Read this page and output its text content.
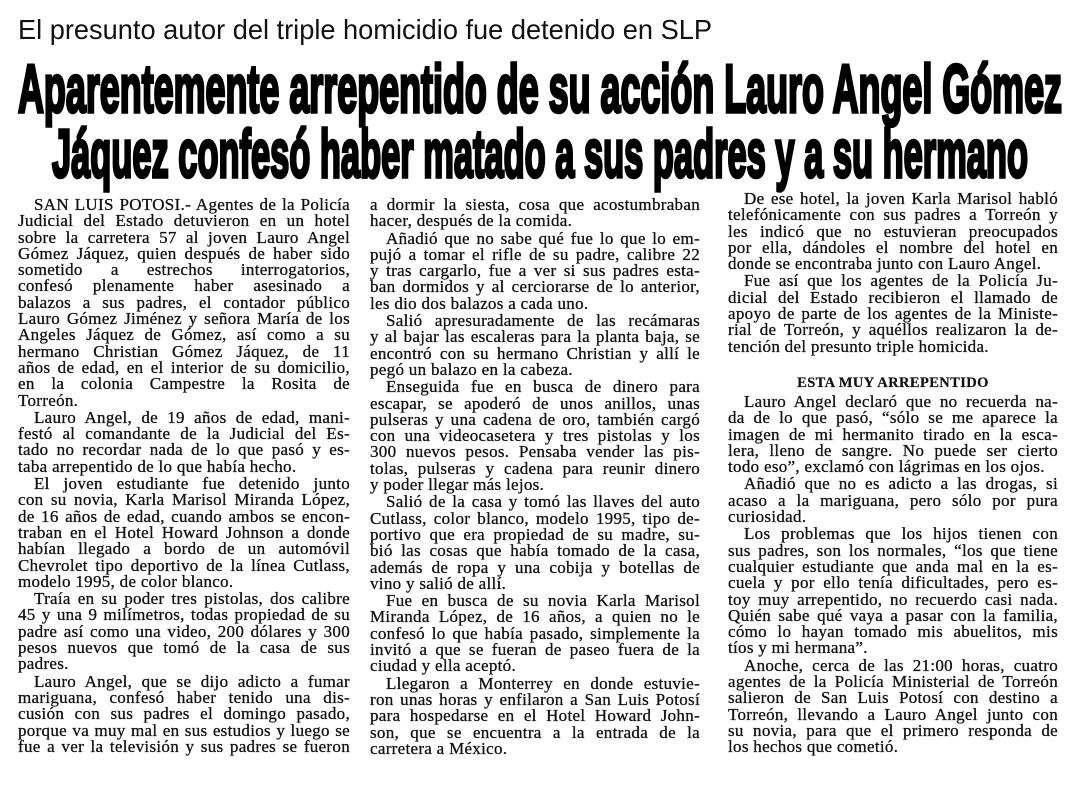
El presunto autor del triple homicidio fue detenido en SLP
Aparentemente arrepentido de su acción Lauro Angel Gómez
Jáquez confesó haber matado a sus padres y a su hermano
SAN LUIS POTOSI.- Agentes de la Policía
Judicial del Estado detuvieron en un hotel
sobre la carretera 57 al joven Lauro Angel
Gómez Jáquez, quien después de haber sido
sometido a estrechos interrogatorios,
confesó plenamente haber asesinado a
balazos a sus padres, el contador público
Lauro Gómez Jiménez y señora María de los
Angeles Jáquez de Gómez, así como a su
hermano Christian Gómez Jáquez, de 11
años de edad, en el interior de su domicilio,
en la colonia Campestre la Rosita de
Torreón.
Lauro Angel, de 19 años de edad, mani-
festó al comandante de la Judicial del Es-
tado no recordar nada de lo que pasó y es-
taba arrepentido de lo que había hecho.
El joven estudiante fue detenido junto
con su novia, Karla Marisol Miranda López,
de 16 años de edad, cuando ambos se encon-
traban en el Hotel Howard Johnson a donde
habían llegado a bordo de un automóvil
Chevrolet tipo deportivo de la línea Cutlass,
modelo 1995, de color blanco.
Traía en su poder tres pistolas, dos calibre
45 y una 9 milímetros, todas propiedad de su
padre así como una video, 200 dólares y 300
pesos nuevos que tomó de la casa de sus
padres.
Lauro Angel, que se dijo adicto a fumar
mariguana, confesó haber tenido una dis-
cusión con sus padres el domingo pasado,
porque va muy mal en sus estudios y luego se
fue a ver la televisión y sus padres se fueron
a dormir la siesta, cosa que acostumbraban
hacer, después de la comida.
Añadió que no sabe qué fue lo que lo em-
pujó a tomar el rifle de su padre, calibre 22
y tras cargarlo, fue a ver si sus padres esta-
ban dormidos y al cerciorarse de lo anterior,
les dio dos balazos a cada uno.
Salió apresuradamente de las recámaras
y al bajar las escaleras para la planta baja, se
encontró con su hermano Christian y allí le
pegó un balazo en la cabeza.
Enseguida fue en busca de dinero para
escapar, se apoderó de unos anillos, unas
pulseras y una cadena de oro, también cargó
con una videocasetera y tres pistolas y los
300 nuevos pesos. Pensaba vender las pis-
tolas, pulseras y cadena para reunir dinero
y poder llegar más lejos.
Salió de la casa y tomó las llaves del auto
Cutlass, color blanco, modelo 1995, tipo de-
portivo que era propiedad de su madre, su-
bió las cosas que había tomado de la casa,
además de ropa y una cobija y botellas de
vino y salió de allí.
Fue en busca de su novia Karla Marisol
Miranda López, de 16 años, a quien no le
confesó lo que había pasado, simplemente la
invitó a que se fueran de paseo fuera de la
ciudad y ella aceptó.
Llegaron a Monterrey en donde estuvie-
ron unas horas y enfilaron a San Luis Potosí
para hospedarse en el Hotel Howard John-
son, que se encuentra a la entrada de la
carretera a México.
De ese hotel, la joven Karla Marisol habló
telefónicamente con sus padres a Torreón y
les indicó que no estuvieran preocupados
por ella, dándoles el nombre del hotel en
donde se encontraba junto con Lauro Angel.
Fue así que los agentes de la Policía Ju-
dicial del Estado recibieron el llamado de
apoyo de parte de los agentes de la Ministe-
rial de Torreón, y aquéllos realizaron la de-
tención del presunto triple homicida.
ESTA MUY ARREPENTIDO
Lauro Angel declaró que no recuerda na-
da de lo que pasó, “sólo se me aparece la
imagen de mi hermanito tirado en la esca-
lera, lleno de sangre. No puede ser cierto
todo eso”, exclamó con lágrimas en los ojos.
Añadió que no es adicto a las drogas, si
acaso a la mariguana, pero sólo por pura
curiosidad.
Los problemas que los hijos tienen con
sus padres, son los normales, “los que tiene
cualquier estudiante que anda mal en la es-
cuela y por ello tenía dificultades, pero es-
toy muy arrepentido, no recuerdo casi nada.
Quién sabe qué vaya a pasar con la familia,
cómo lo hayan tomado mis abuelitos, mis
tíos y mi hermana”.
Anoche, cerca de las 21:00 horas, cuatro
agentes de la Policía Ministerial de Torreón
salieron de San Luis Potosí con destino a
Torreón, llevando a Lauro Angel junto con
su novia, para que el primero responda de
los hechos que cometió.
